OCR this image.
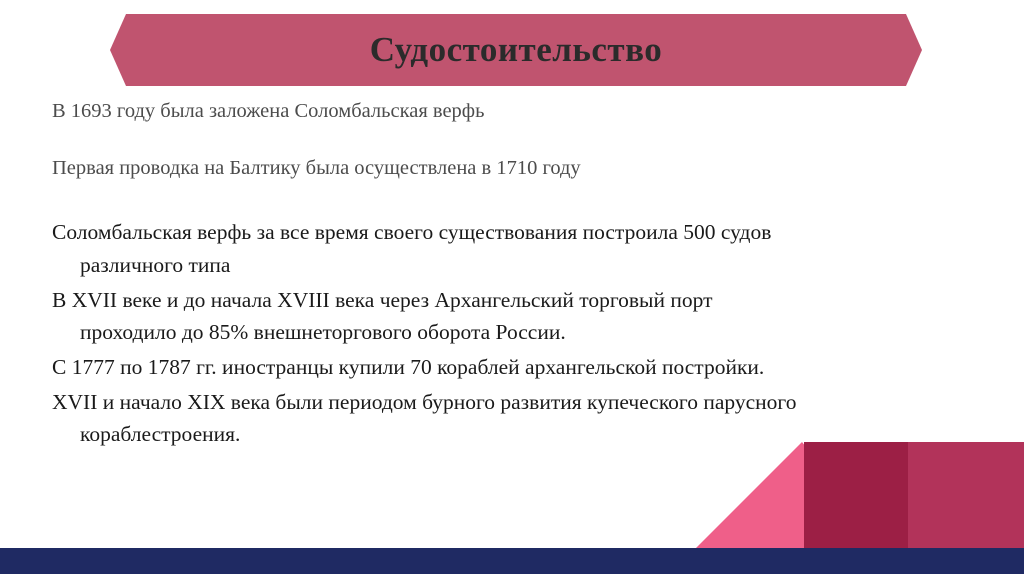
Судостоительство
В 1693 году была заложена Соломбальская верфь
Первая проводка на Балтику была осуществлена в 1710 году
Соломбальская верфь за все время своего существования построила 500 судов
различного типа
В XVII веке и до начала XVIII века через Архангельский торговый порт
проходило до 85% внешнеторгового оборота России.
С 1777 по 1787 гг. иностранцы купили 70 кораблей архангельской постройки.
XVII и начало XIX века были периодом бурного развития купеческого парусного
кораблестроения.
